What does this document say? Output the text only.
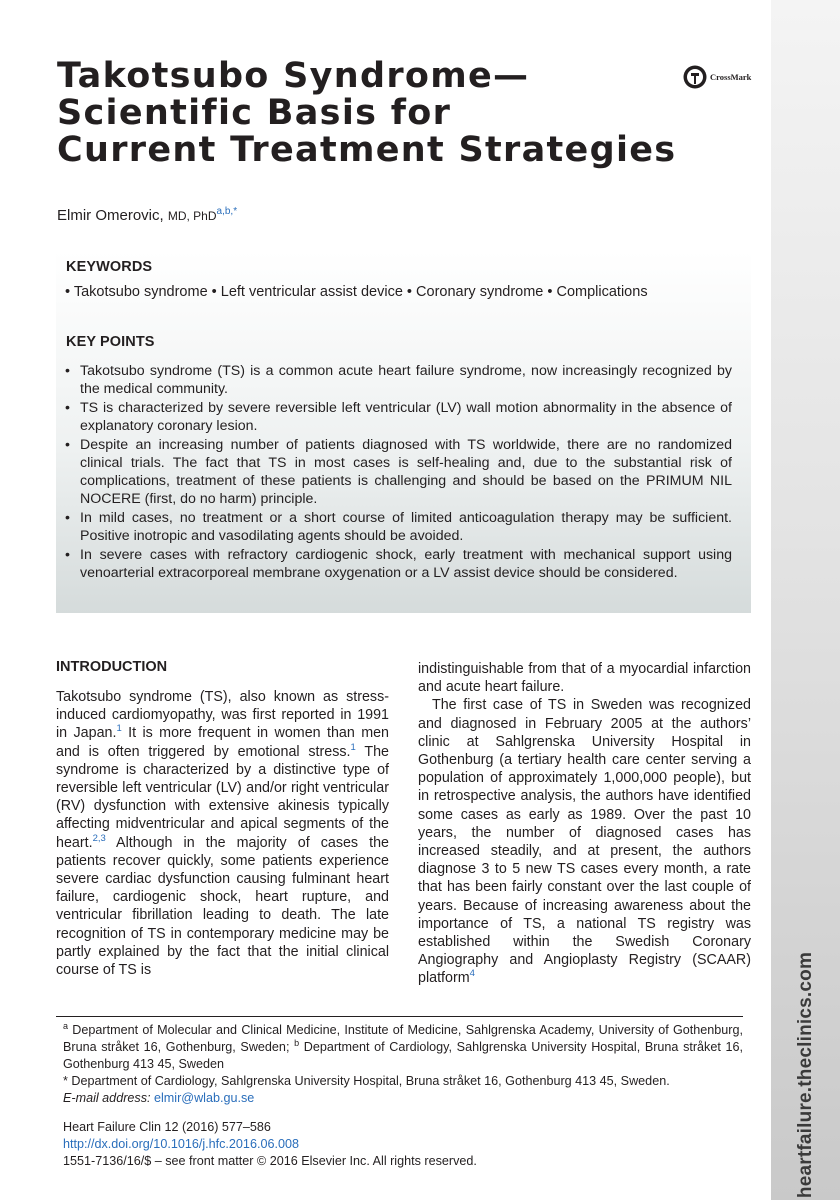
heartfailure.theclinics.com
Takotsubo Syndrome—
Scientific Basis for
Current Treatment Strategies
CrossMark
Elmir Omerovic, MD, PhD$^{a,b,*}$
KEYWORDS
• Takotsubo syndrome • Left ventricular assist device • Coronary syndrome • Complications
KEY POINTS
• Takotsubo syndrome (TS) is a common acute heart failure syndrome, now increasingly recognized by the medical community.
• TS is characterized by severe reversible left ventricular (LV) wall motion abnormality in the absence of explanatory coronary lesion.
• Despite an increasing number of patients diagnosed with TS worldwide, there are no randomized clinical trials. The fact that TS in most cases is self-healing and, due to the substantial risk of complications, treatment of these patients is challenging and should be based on the PRIMUM NIL NOCERE (first, do no harm) principle.
• In mild cases, no treatment or a short course of limited anticoagulation therapy may be sufficient. Positive inotropic and vasodilating agents should be avoided.
• In severe cases with refractory cardiogenic shock, early treatment with mechanical support using venoarterial extracorporeal membrane oxygenation or a LV assist device should be considered.
INTRODUCTION

Takotsubo syndrome (TS), also known as stress-induced cardiomyopathy, was first reported in 1991 in Japan.$^1$ It is more frequent in women than men and is often triggered by emotional stress.$^1$ The syndrome is characterized by a distinctive type of reversible left ventricular (LV) and/or right ventricular (RV) dysfunction with extensive akinesis typically affecting midventricular and apical segments of the heart.$^{2,3}$ Although in the majority of cases the patients recover quickly, some patients experience severe cardiac dysfunction causing fulminant heart failure, cardiogenic shock, heart rupture, and ventricular fibrillation leading to death. The late recognition of TS in contemporary medicine may be partly explained by the fact that the initial clinical course of TS is

indistinguishable from that of a myocardial infarction and acute heart failure.

The first case of TS in Sweden was recognized and diagnosed in February 2005 at the authors’ clinic at Sahlgrenska University Hospital in Gothenburg (a tertiary health care center serving a population of approximately 1,000,000 people), but in retrospective analysis, the authors have identified some cases as early as 1989. Over the past 10 years, the number of diagnosed cases has increased steadily, and at present, the authors diagnose 3 to 5 new TS cases every month, a rate that has been fairly constant over the last couple of years. Because of increasing awareness about the importance of TS, a national TS registry was established within the Swedish Coronary Angiography and Angioplasty Registry (SCAAR) platform$^4$

$^a$ Department of Molecular and Clinical Medicine, Institute of Medicine, Sahlgrenska Academy, University of Gothenburg, Bruna stråket 16, Gothenburg, Sweden; $^b$ Department of Cardiology, Sahlgrenska University Hospital, Bruna stråket 16, Gothenburg 413 45, Sweden

* Department of Cardiology, Sahlgrenska University Hospital, Bruna stråket 16, Gothenburg 413 45, Sweden.

E-mail address: elmir@wlab.gu.se

Heart Failure Clin 12 (2016) 577–586
http://dx.doi.org/10.1016/j.hfc.2016.06.008
1551-7136/16/$ – see front matter © 2016 Elsevier Inc. All rights reserved.
